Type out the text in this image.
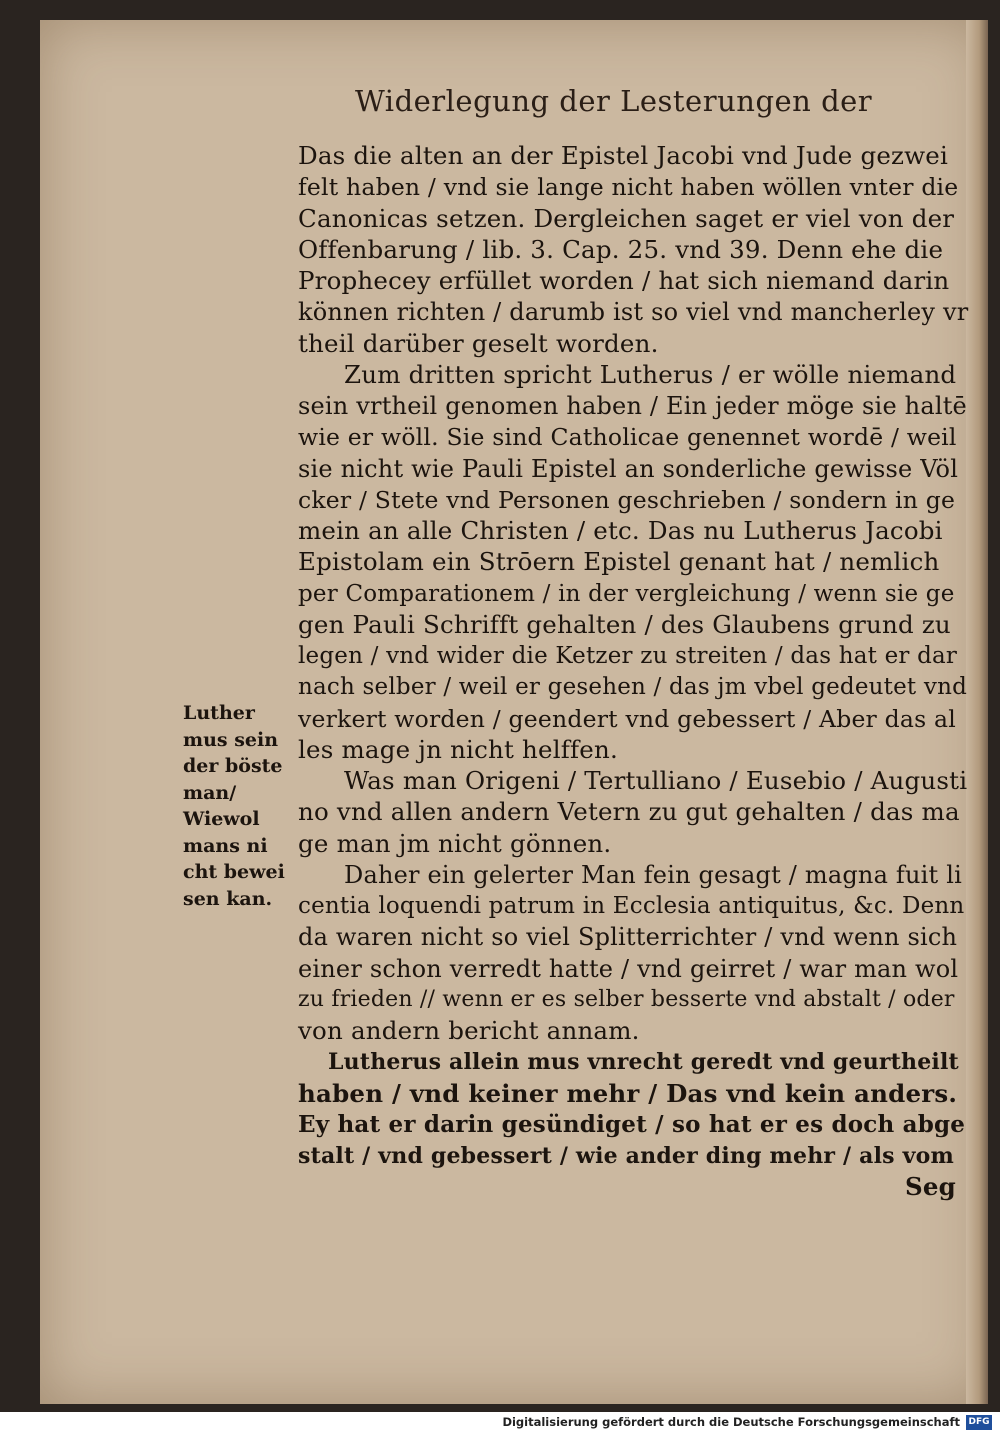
Widerlegung der Lesterungen der
Das die alten an der Epistel Jacobi vnd Jude gezwei
felt haben / vnd sie lange nicht haben wöllen vnter die
Canonicas setzen. Dergleichen saget er viel von der
Offenbarung / lib. 3. Cap. 25. vnd 39. Denn ehe die
Prophecey erfüllet worden / hat sich niemand darin
können richten / darumb ist so viel vnd mancherley vr
theil darüber geselt worden.
Zum dritten spricht Lutherus / er wölle niemand
sein vrtheil genomen haben / Ein jeder möge sie haltē
wie er wöll. Sie sind Catholicae genennet wordē / weil
sie nicht wie Pauli Epistel an sonderliche gewisse Völ
cker / Stete vnd Personen geschrieben / sondern in ge
mein an alle Christen / etc. Das nu Lutherus Jacobi
Epistolam ein Strōern Epistel genant hat / nemlich
per Comparationem / in der vergleichung / wenn sie ge
gen Pauli Schrifft gehalten / des Glaubens grund zu
legen / vnd wider die Ketzer zu streiten / das hat er dar
nach selber / weil er gesehen / das jm vbel gedeutet vnd
verkert worden / geendert vnd gebessert / Aber das al
les mage jn nicht helffen.
Was man Origeni / Tertulliano / Eusebio / Augusti
no vnd allen andern Vetern zu gut gehalten / das ma
ge man jm nicht gönnen.
Daher ein gelerter Man fein gesagt / magna fuit li
centia loquendi patrum in Ecclesia antiquitus, &c. Denn
da waren nicht so viel Splitterrichter / vnd wenn sich
einer schon verredt hatte / vnd geirret / war man wol
zu frieden // wenn er es selber besserte vnd abstalt / oder
von andern bericht annam.
Lutherus allein mus vnrecht geredt vnd geurtheilt
haben / vnd keiner mehr / Das vnd kein anders.
Ey hat er darin gesündiget / so hat er es doch abge
stalt / vnd gebessert / wie ander ding mehr / als vom
Luther
mus sein
der böste
man/
Wiewol
mans ni
cht bewei
sen kan.
Seg
Digitalisierung gefördert durch die Deutsche Forschungsgemeinschaft DFG
